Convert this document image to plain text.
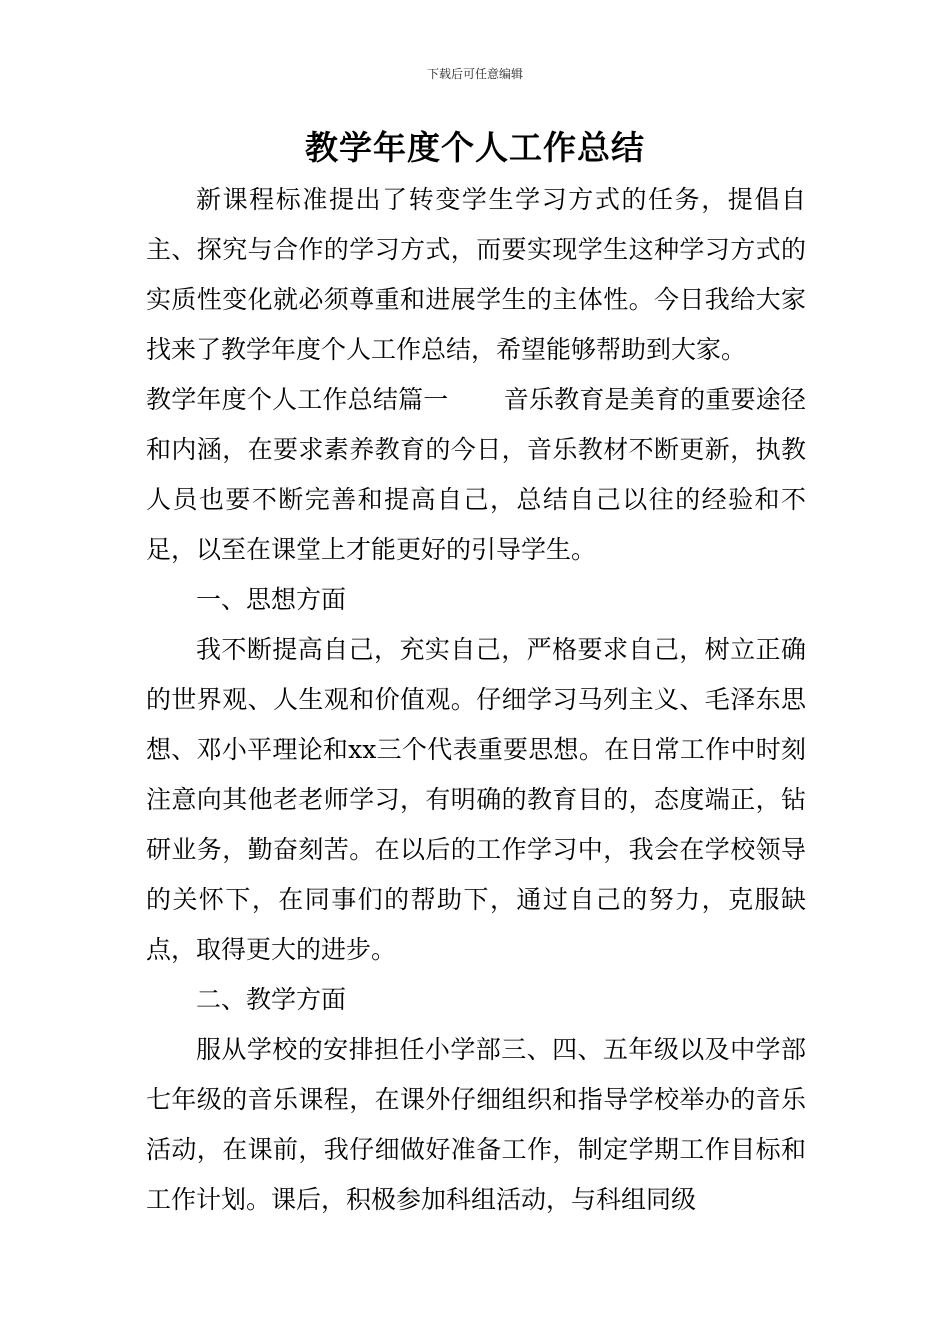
下载后可任意编辑
教学年度个人工作总结

新课程标准提出了转变学生学习方式的任务，提倡自主、探究与合作的学习方式，而要实现学生这种学习方式的实质性变化就必须尊重和进展学生的主体性。今日我给大家找来了教学年度个人工作总结，希望能够帮助到大家。

教学年度个人工作总结篇一 音乐教育是美育的重要途径和内涵，在要求素养教育的今日，音乐教材不断更新，执教人员也要不断完善和提高自己，总结自己以往的经验和不足，以至在课堂上才能更好的引导学生。

一、思想方面

我不断提高自己，充实自己，严格要求自己，树立正确的世界观、人生观和价值观。仔细学习马列主义、毛泽东思想、邓小平理论和xx三个代表重要思想。在日常工作中时刻注意向其他老老师学习，有明确的教育目的，态度端正，钻研业务，勤奋刻苦。在以后的工作学习中，我会在学校领导的关怀下，在同事们的帮助下，通过自己的努力，克服缺点，取得更大的进步。

二、教学方面

服从学校的安排担任小学部三、四、五年级以及中学部七年级的音乐课程，在课外仔细组织和指导学校举办的音乐活动，在课前，我仔细做好准备工作，制定学期工作目标和工作计划。课后，积极参加科组活动，与科组同级
